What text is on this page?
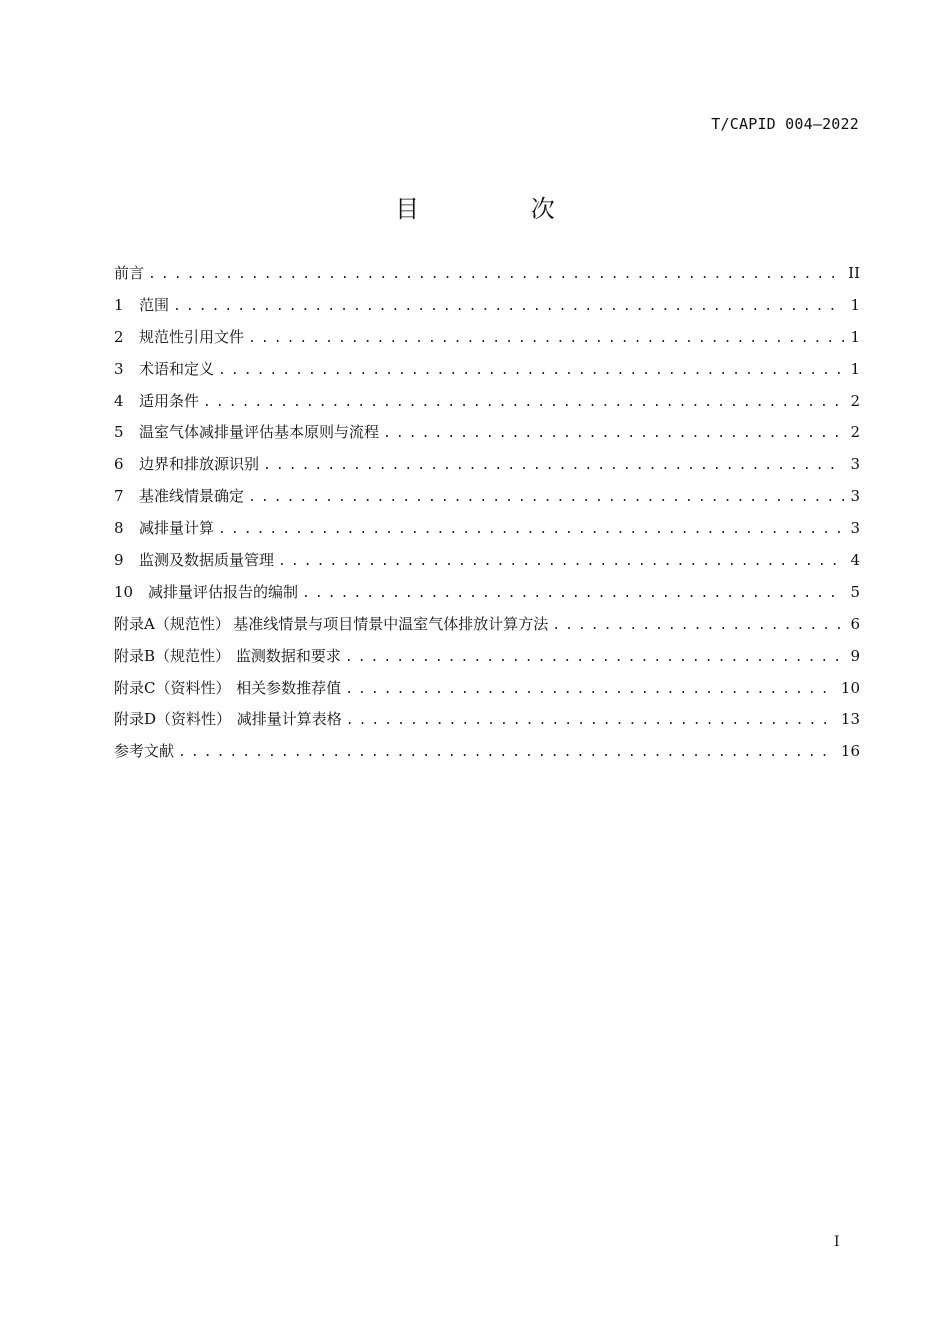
T/CAPID 004—2022
目 次
前言 . . .	II
1	范围 . . .	1
2	规范性引用文件 . . .	1
3	术语和定义 . . .	1
4	适用条件 . . .	2
5	温室气体减排量评估基本原则与流程 . . .	2
6	边界和排放源识别 . . .	3
7	基准线情景确定 . . .	3
8	减排量计算 . . .	3
9	监测及数据质量管理 . . .	4
10 减排量评估报告的编制 . . .	5
附录A（规范性） 基准线情景与项目情景中温室气体排放计算方法 . . .	6
附录B（规范性） 监测数据和要求 . . .	9
附录C（资料性） 相关参数推荐值 . . .	10
附录D（资料性） 减排量计算表格 . . .	13
参考文献 . . .	16
I
